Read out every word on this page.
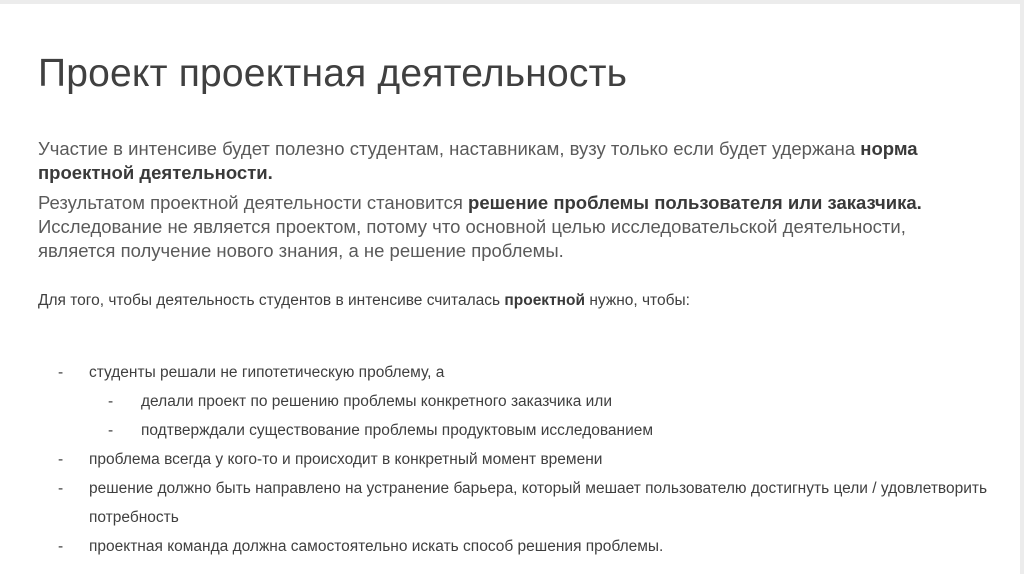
Проект проектная деятельность

Участие в интенсиве будет полезно студентам, наставникам, вузу только если будет удержана норма проектной деятельности.

Результатом проектной деятельности становится решение проблемы пользователя или заказчика. Исследование не является проектом, потому что основной целью исследовательской деятельности, является получение нового знания, а не решение проблемы.

Для того, чтобы деятельность студентов в интенсиве считалась проектной нужно, чтобы:

- студенты решали не гипотетическую проблему, а
- делали проект по решению проблемы конкретного заказчика или
- подтверждали существование проблемы продуктовым исследованием
- проблема всегда у кого-то и происходит в конкретный момент времени
- решение должно быть направлено на устранение барьера, который мешает пользователю достигнуть цели / удовлетворить потребность
- проектная команда должна самостоятельно искать способ решения проблемы.
